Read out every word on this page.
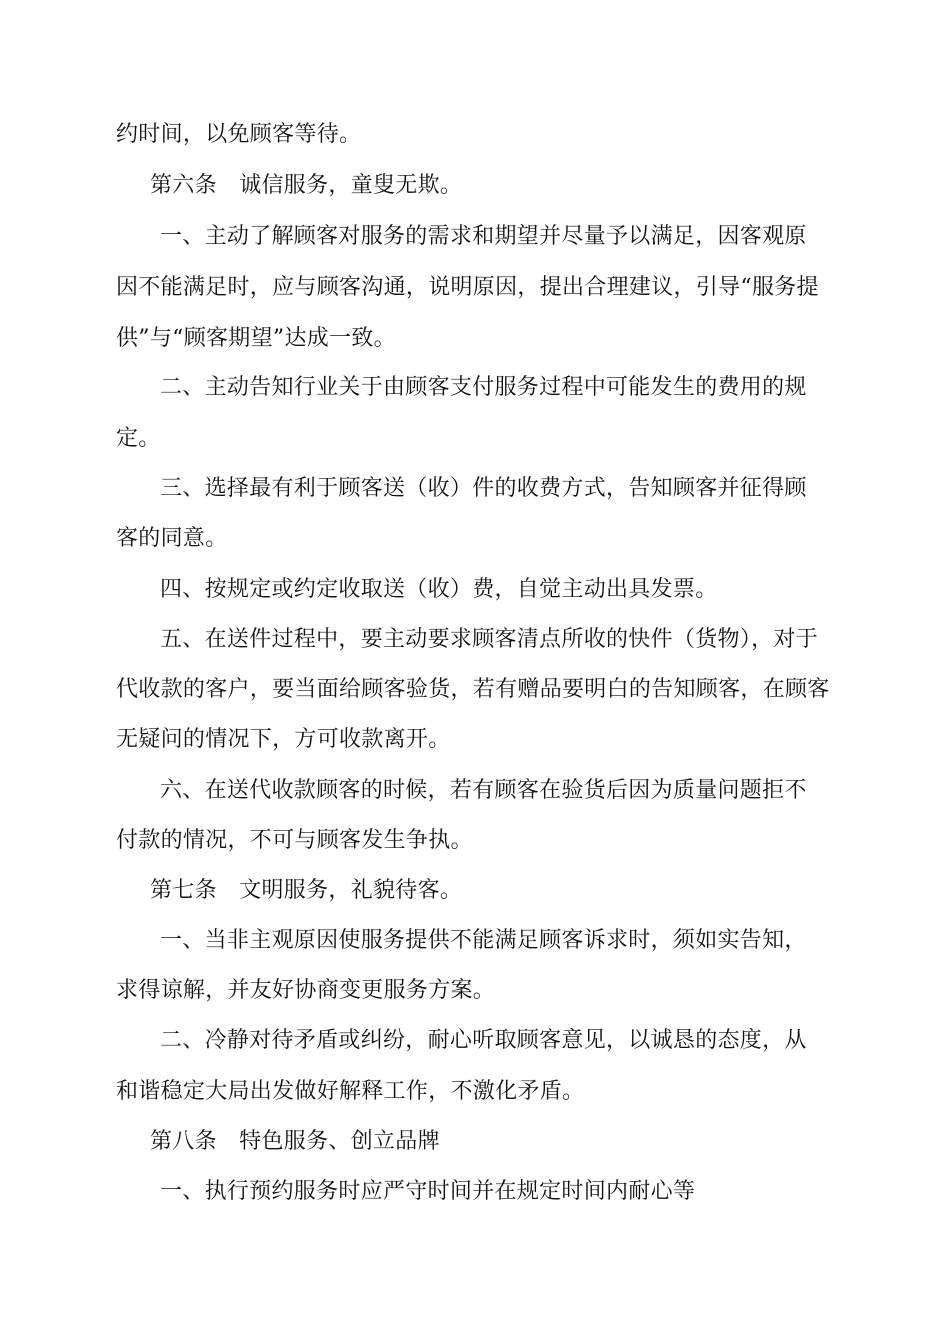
约时间，以免顾客等待。
第六条　诚信服务，童叟无欺。
一、主动了解顾客对服务的需求和期望并尽量予以满足，因客观原
因不能满足时，应与顾客沟通，说明原因，提出合理建议，引导“服务提
供”与“顾客期望”达成一致。
二、主动告知行业关于由顾客支付服务过程中可能发生的费用的规
定。
三、选择最有利于顾客送（收）件的收费方式，告知顾客并征得顾
客的同意。
四、按规定或约定收取送（收）费，自觉主动出具发票。
五、在送件过程中，要主动要求顾客清点所收的快件（货物），对于
代收款的客户，要当面给顾客验货，若有赠品要明白的告知顾客，在顾客
无疑问的情况下，方可收款离开。
六、在送代收款顾客的时候，若有顾客在验货后因为质量问题拒不
付款的情况，不可与顾客发生争执。
第七条　文明服务，礼貌待客。
一、当非主观原因使服务提供不能满足顾客诉求时，须如实告知，
求得谅解，并友好协商变更服务方案。
二、冷静对待矛盾或纠纷，耐心听取顾客意见，以诚恳的态度，从
和谐稳定大局出发做好解释工作，不激化矛盾。
第八条　特色服务、创立品牌
一、执行预约服务时应严守时间并在规定时间内耐心等
